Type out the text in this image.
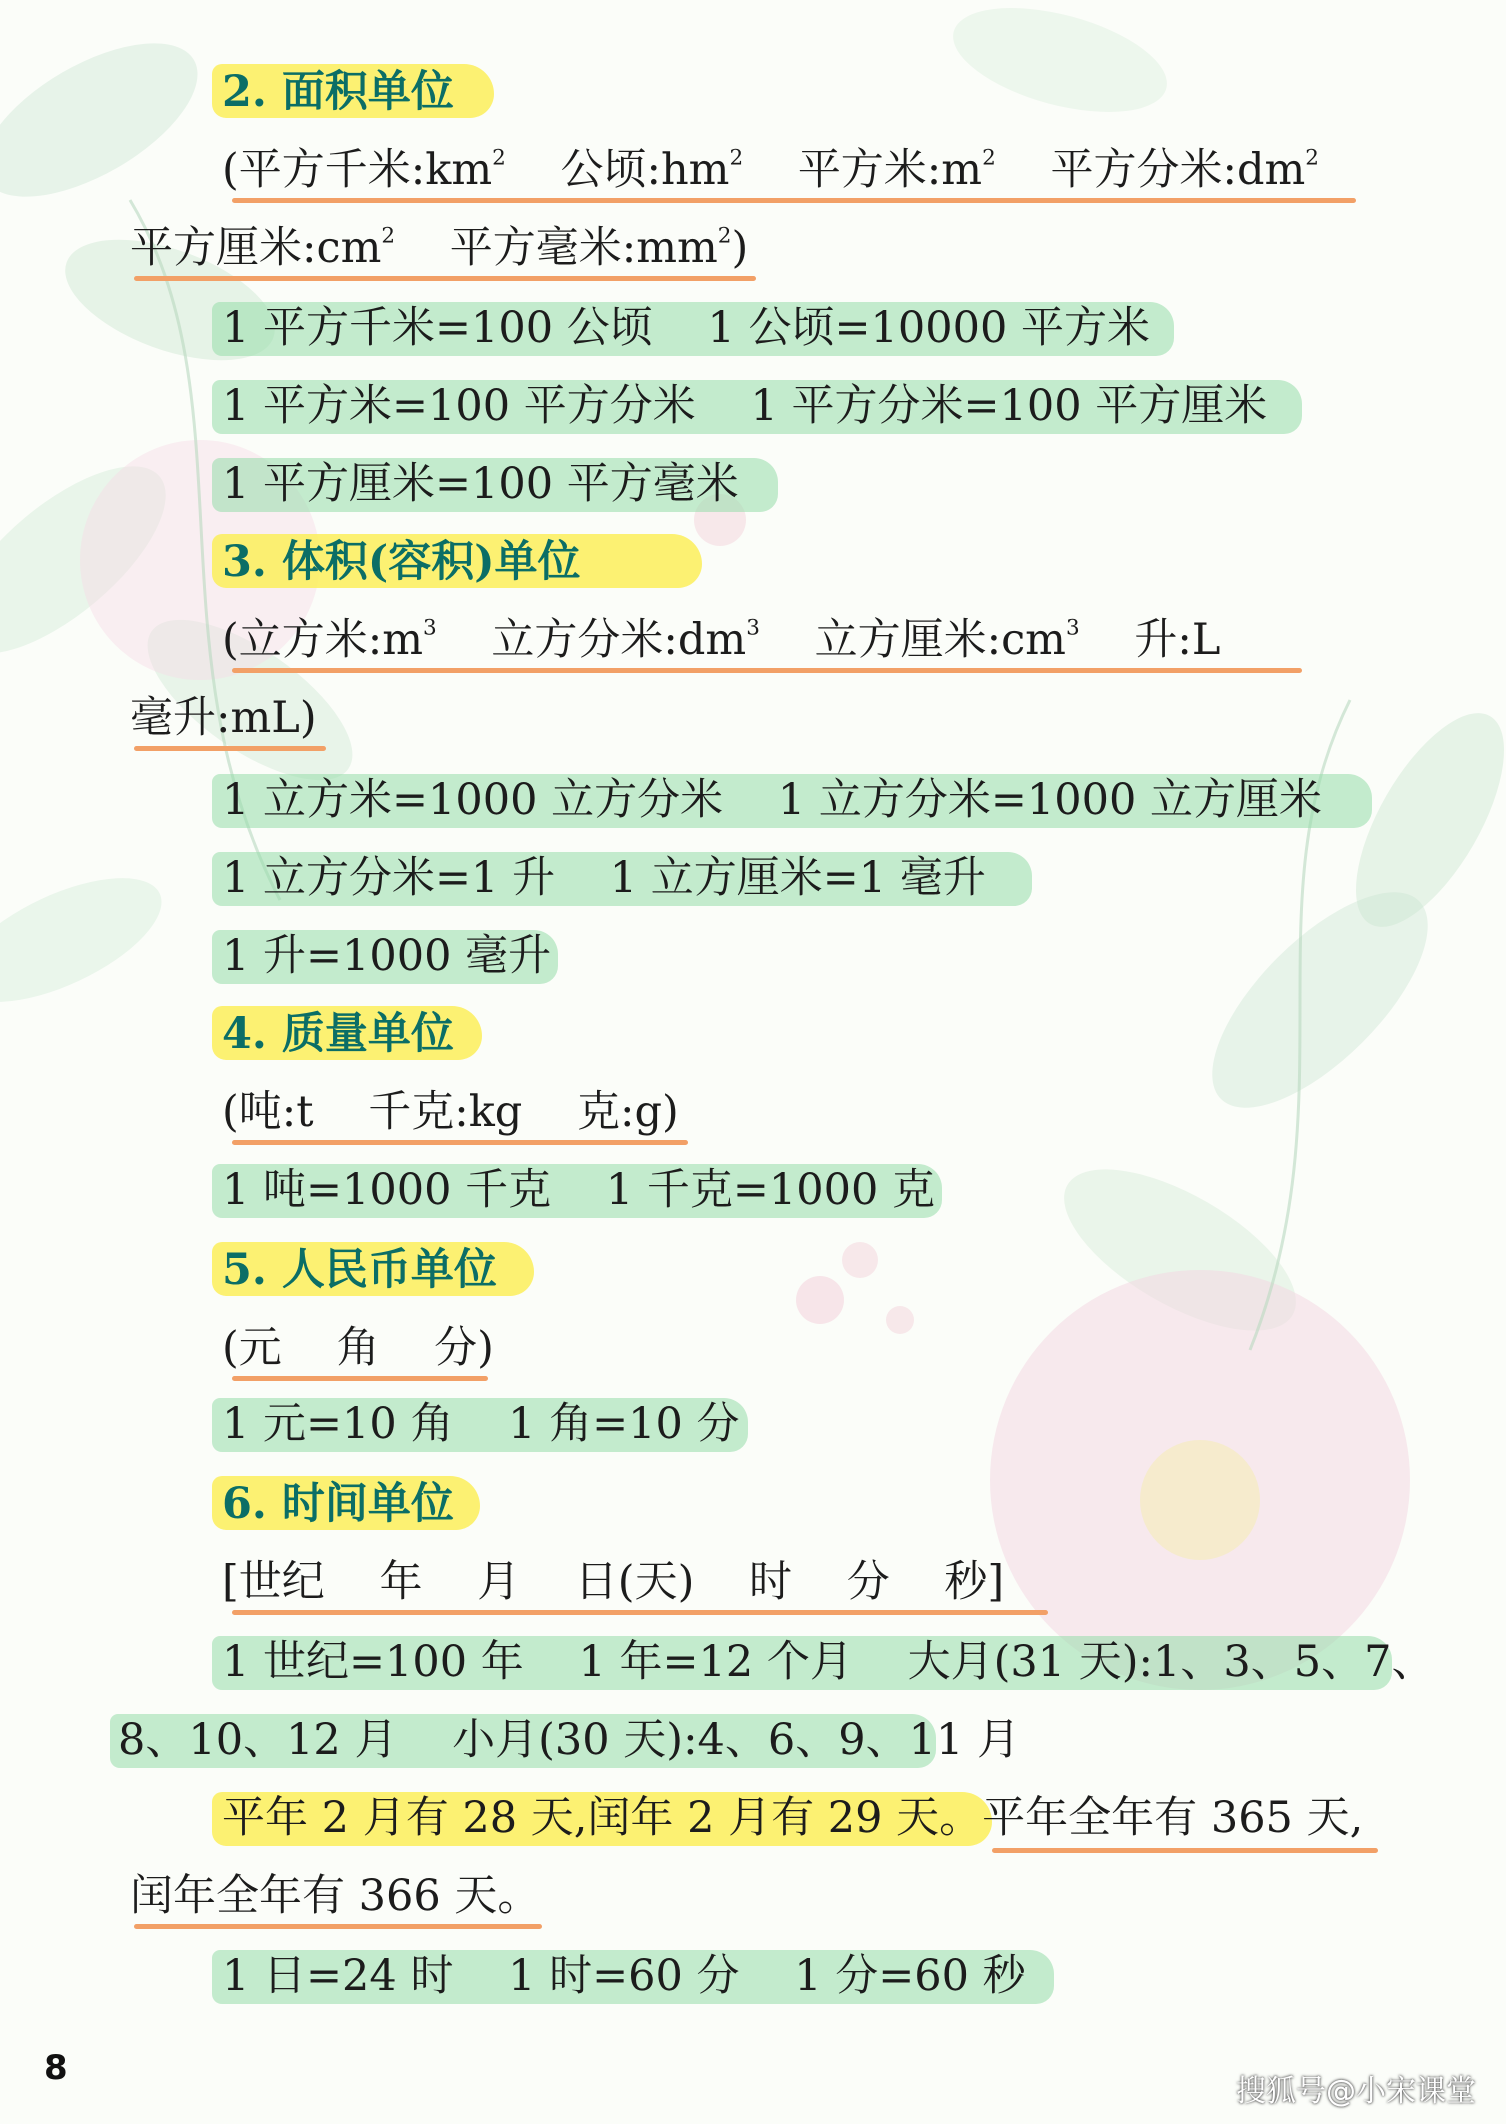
2. 面积单位
(平方千米$:km^2$ 公顷$:hm^2$ 平方米$:m^2$ 平方分米$:dm^2$
平方厘米$:cm^2$ 平方毫米$:mm^2$)
1 平方千米=100 公顷    1 公顷=10000 平方米
1 平方米=100 平方分米    1 平方分米=100 平方厘米
1 平方厘米=100 平方毫米
3. 体积(容积)单位
(立方米$:m^3$ 立方分米$:dm^3$ 立方厘米$:cm^3$ 升:L
毫升:mL)
1 立方米=1000 立方分米    1 立方分米=1000 立方厘米
1 立方分米=1 升    1 立方厘米=1 毫升
1 升=1000 毫升
4. 质量单位
(吨:t    千克:kg    克:g)
1 吨=1000 千克    1 千克=1000 克
5. 人民币单位
(元    角    分)
1 元=10 角    1 角=10 分
6. 时间单位
[世纪    年    月    日(天)    时    分    秒]
1 世纪=100 年    1 年=12 个月    大月(31 天):1、3、5、7、
8、10、12 月    小月(30 天):4、6、9、11 月
平年 2 月有 28 天,闰年 2 月有 29 天。平年全年有 365 天,
闰年全年有 366 天。
1 日=24 时    1 时=60 分    1 分=60 秒
8
搜狐号@小宋课堂
